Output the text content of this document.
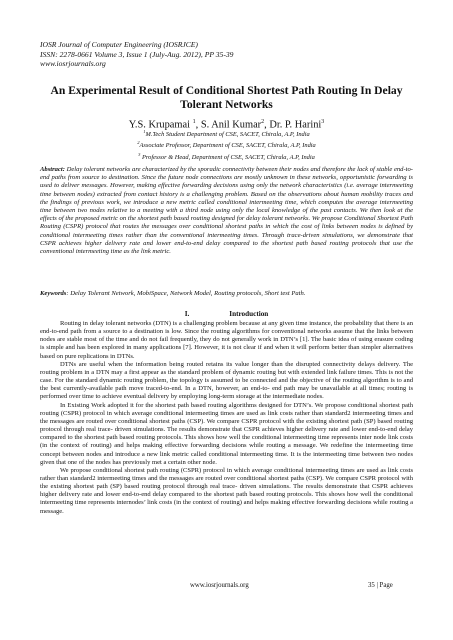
IOSR Journal of Computer Engineering (IOSRJCE)
ISSN: 2278-0661 Volume 3, Issue 1 (July-Aug. 2012), PP 35-39
www.iosrjournals.org
An Experimental Result of Conditional Shortest Path Routing In Delay Tolerant Networks
Y.S. Krupamai $^1$, S. Anil Kumar$^2$, Dr. P. Harini$^3$
$^1$M.Tech Student Department of CSE, SACET, Chirala, A.P, India
$^2$Associate Professor, Department of CSE, SACET, Chirala, A.P, India
$^3$ Professor & Head, Department of CSE, SACET, Chirala, A.P, India
Abstract: Delay tolerant networks are characterized by the sporadic connectivity between their nodes and therefore the lack of stable end-to-end paths from source to destination. Since the future node connections are mostly unknown in these networks, opportunistic forwarding is used to deliver messages. However, making effective forwarding decisions using only the network characteristics (i.e. average intermeeting time between nodes) extracted from contact history is a challenging problem. Based on the observations about human mobility traces and the findings of previous work, we introduce a new metric called conditional intermeeting time, which computes the average intermeeting time between two nodes relative to a meeting with a third node using only the local knowledge of the past contacts. We then look at the effects of the proposed metric on the shortest path based routing designed for delay tolerant networks. We propose Conditional Shortest Path Routing (CSPR) protocol that routes the messages over conditional shortest paths in which the cost of links between nodes is defined by conditional intermeeting times rather than the conventional intermeeting times. Through trace-driven simulations, we demonstrate that CSPR achieves higher delivery rate and lower end-to-end delay compared to the shortest path based routing protocols that use the conventional intermeeting time as the link metric.
Keywords: Delay Tolerant Network, MobiSpace, Network Model, Routing protocols, Short test Path.
I.	Introduction

Routing in delay tolerant networks (DTN) is a challenging problem because at any given time instance, the probability that there is an end-to-end path from a source to a destination is low. Since the routing algorithms for conventional networks assume that the links between nodes are stable most of the time and do not fail frequently, they do not generally work in DTN’s [1]. The basic idea of using erasure coding is simple and has been explored in many applications [7]. However, it is not clear if and when it will perform better than simpler alternatives based on pure replications in DTNs.

DTNs are useful when the information being routed retains its value longer than the disrupted connectivity delays delivery. The routing problem in a DTN may a first appear as the standard problem of dynamic routing but with extended link failure times. This is not the case. For the standard dynamic routing problem, the topology is assumed to be connected and the objective of the routing algorithm is to and the best currently-available path move traced-to-end. In a DTN, however, an end-to- end path may be unavailable at all times; routing is performed over time to achieve eventual delivery by employing long-term storage at the intermediate nodes.

In Existing Work adopted it for the shortest path based routing algorithms designed for DTN’s. We propose conditional shortest path routing (CSPR) protocol in which average conditional intermeeting times are used as link costs rather than standard2 intermeeting times and the messages are routed over conditional shortest paths (CSP). We compare CSPR protocol with the existing shortest path (SP) based routing protocol through real trace- driven simulations. The results demonstrate that CSPR achieves higher delivery rate and lower end-to-end delay compared to the shortest path based routing protocols. This shows how well the conditional intermeeting time represents inter node link costs (in the context of routing) and helps making effective forwarding decisions while routing a message. We redefine the intermeeting time concept between nodes and introduce a new link metric called conditional intermeeting time. It is the intermeeting time between two nodes given that one of the nodes has previously met a certain other node.

We propose conditional shortest path routing (CSPR) protocol in which average conditional intermeeting times are used as link costs rather than standard2 intermeeting times and the messages are routed over conditional shortest paths (CSP). We compare CSPR protocol with the existing shortest path (SP) based routing protocol through real trace- driven simulations. The results demonstrate that CSPR achieves higher delivery rate and lower end-to-end delay compared to the shortest path based routing protocols. This shows how well the conditional intermeeting time represents internodes’ link costs (in the context of routing) and helps making effective forwarding decisions while routing a message.

www.iosrjournals.org	35 | Page
